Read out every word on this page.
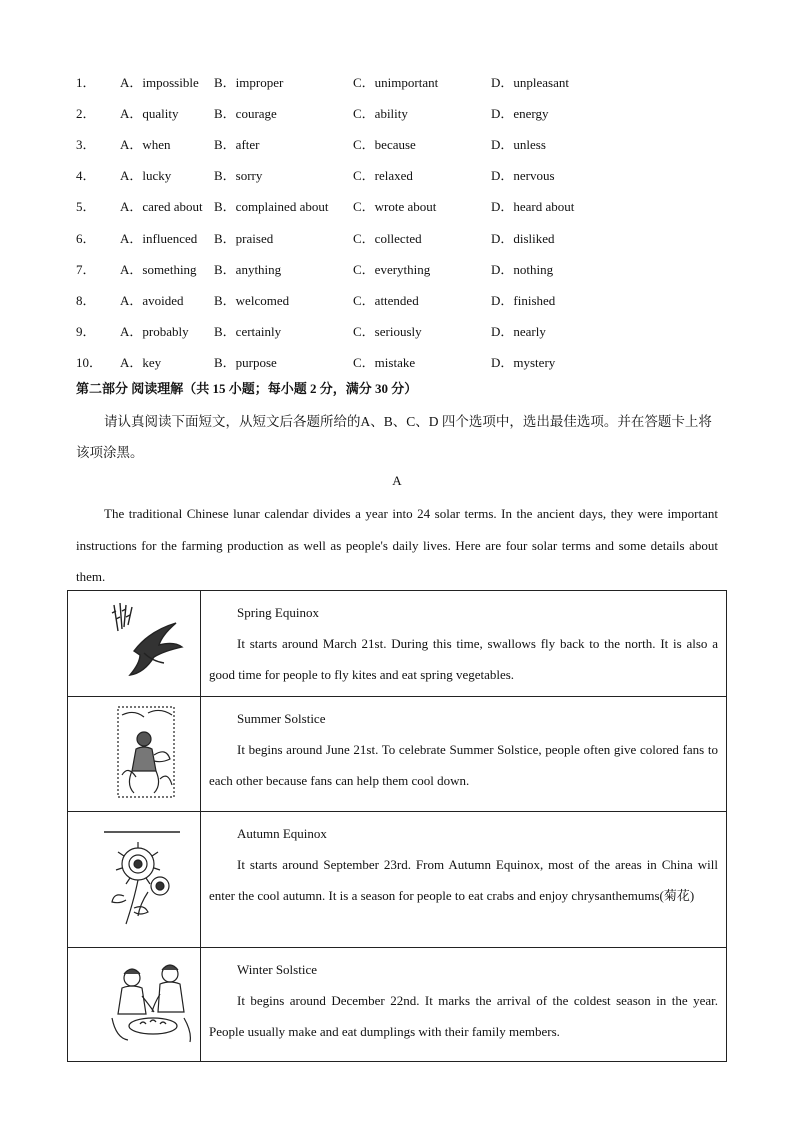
1．	A．impossible	B．improper	C．unimportant	D．unpleasant
2．	A．quality	B．courage	C．ability	D．energy
3．	A．when	B．after	C．because	D．unless
4．	A．lucky	B．sorry	C．relaxed	D．nervous
5．	A．cared about B．complained about	C．wrote about	D．heard about
6．	A．influenced	B．praised	C．collected	D．disliked
7．	A．something	B．anything	C．everything	D．nothing
8．	A．avoided	B．welcomed	C．attended	D．finished
9．	A．probably	B．certainly	C．seriously	D．nearly
10．	A．key	B．purpose	C．mistake	D．mystery
第二部分 阅读理解（共 15 小题；每小题 2 分，满分 30 分）
请认真阅读下面短文，从短文后各题所给的A、B、C、D 四个选项中，选出最佳选项。并在答题卡上将该项涂黑。
A
The traditional Chinese lunar calendar divides a year into 24 solar terms. In the ancient days, they were important instructions for the farming production as well as people's daily lives. Here are four solar terms and some details about them.

Spring Equinox
It starts around March 21st. During this time, swallows fly back to the north. It is also a good time for people to fly kites and eat spring vegetables.

Summer Solstice
It begins around June 21st. To celebrate Summer Solstice, people often give colored fans to each other because fans can help them cool down.

Autumn Equinox
It starts around September 23rd. From Autumn Equinox, most of the areas in China will enter the cool autumn. It is a season for people to eat crabs and enjoy chrysanthemums(菊花)

Winter Solstice
It begins around December 22nd. It marks the arrival of the coldest season in the year. People usually make and eat dumplings with their family members.
